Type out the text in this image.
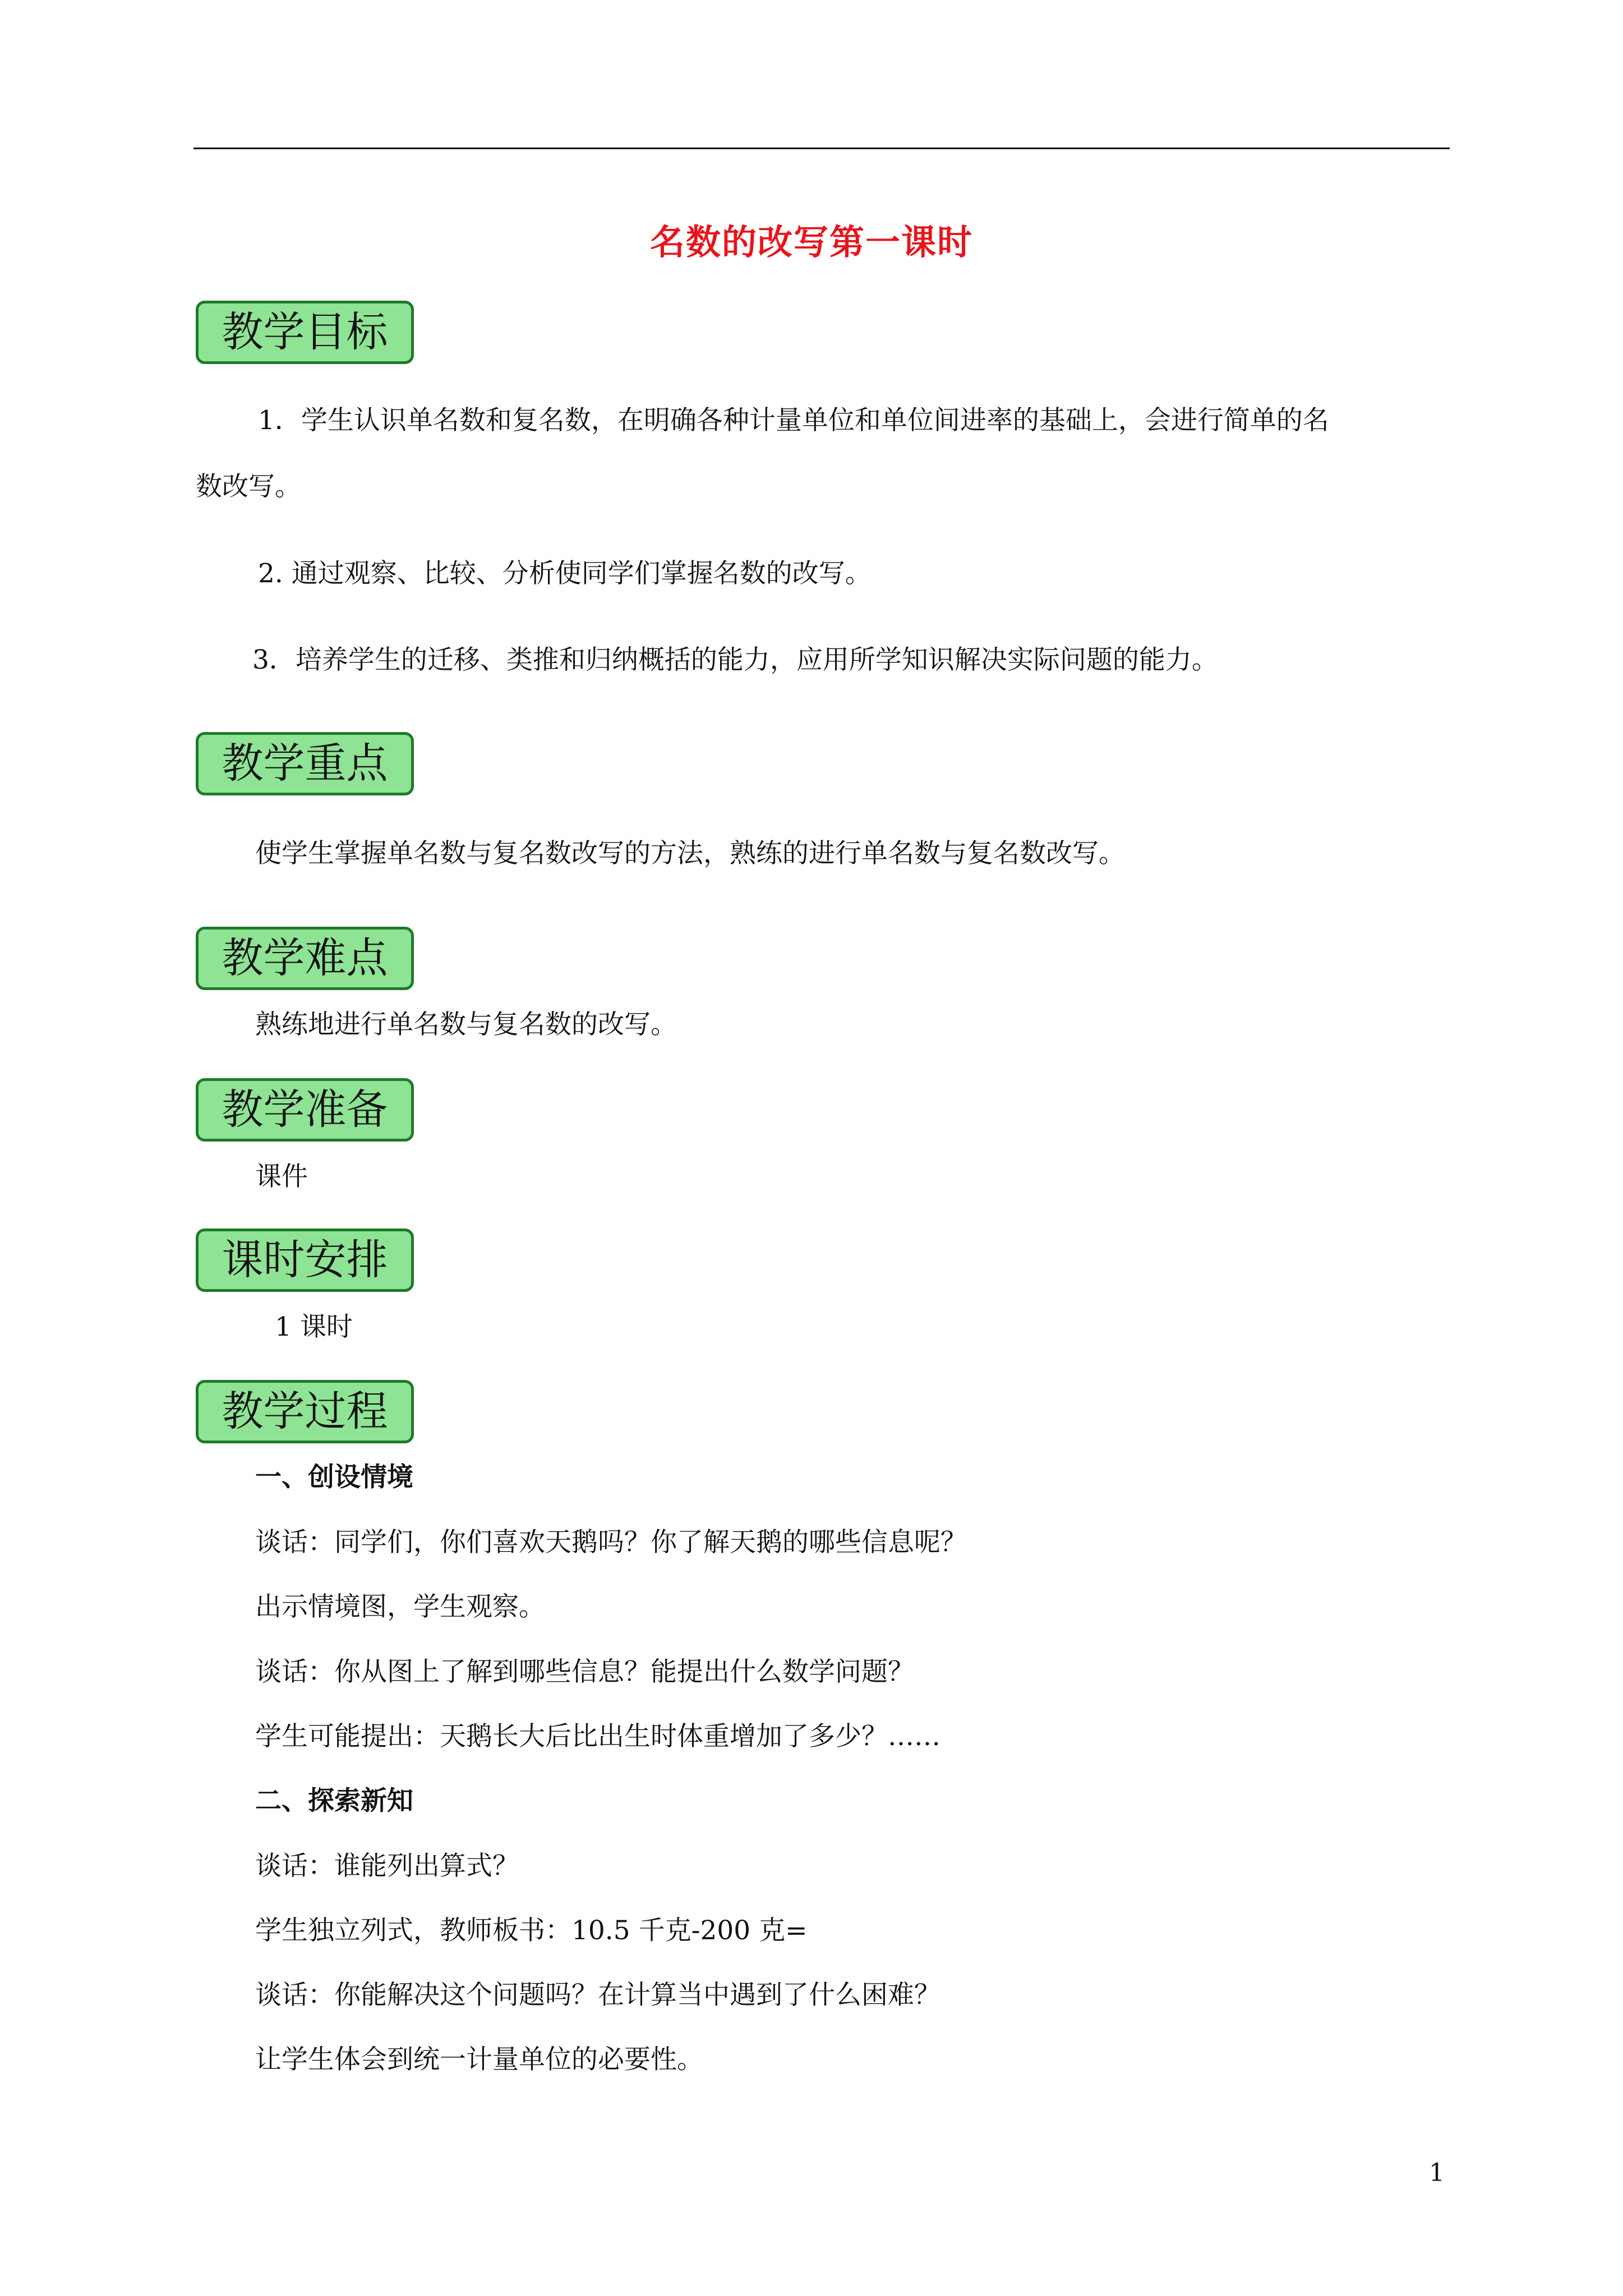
名数的改写第一课时
教学目标
1．学生认识单名数和复名数，在明确各种计量单位和单位间进率的基础上，会进行简单的名
数改写。
2. 通过观察、比较、分析使同学们掌握名数的改写。
3．培养学生的迁移、类推和归纳概括的能力，应用所学知识解决实际问题的能力。
教学重点
使学生掌握单名数与复名数改写的方法，熟练的进行单名数与复名数改写。
教学难点
熟练地进行单名数与复名数的改写。
教学准备
课件
课时安排
1 课时
教学过程
一、创设情境
谈话：同学们，你们喜欢天鹅吗？你了解天鹅的哪些信息呢？
出示情境图，学生观察。
谈话：你从图上了解到哪些信息？能提出什么数学问题？
学生可能提出：天鹅长大后比出生时体重增加了多少？……
二、探索新知
谈话：谁能列出算式？
学生独立列式，教师板书：10.5 千克-200 克=
谈话：你能解决这个问题吗？在计算当中遇到了什么困难？
让学生体会到统一计量单位的必要性。
1
